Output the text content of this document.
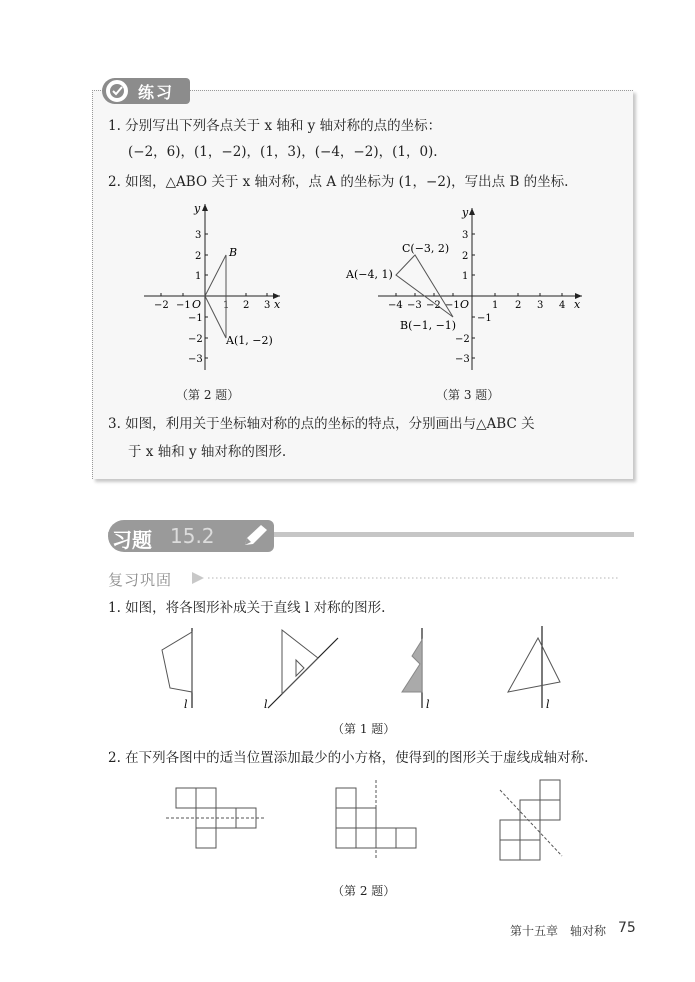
练习
1. 分别写出下列各点关于 x 轴和 y 轴对称的点的坐标：
(−2，6)，(1，−2)，(1，3)，(−4，−2)，(1，0).
2. 如图，△ABO 关于 x 轴对称，点 A 的坐标为 (1，−2)，写出点 B 的坐标.
x
y
O
−2 −1	1 2 3
3
2
1
−1
−2
−3
B
A(1, −2)
（第 2 题）
x
y
O
−4 −3 −2 −1	1 2 3 4
3
2
1
−1
−2
−3
C(−3, 2)
A(−4, 1)
B(−1, −1)
（第 3 题）
3. 如图，利用关于坐标轴对称的点的坐标的特点，分别画出与△ABC 关
于 x 轴和 y 轴对称的图形.
习题 15.2
复习巩固
1. 如图，将各图形补成关于直线 l 对称的图形.
l	l	l	l
（第 1 题）
2. 在下列各图中的适当位置添加最少的小方格，使得到的图形关于虚线成轴对称.
（第 2 题）
第十五章　轴对称 75
